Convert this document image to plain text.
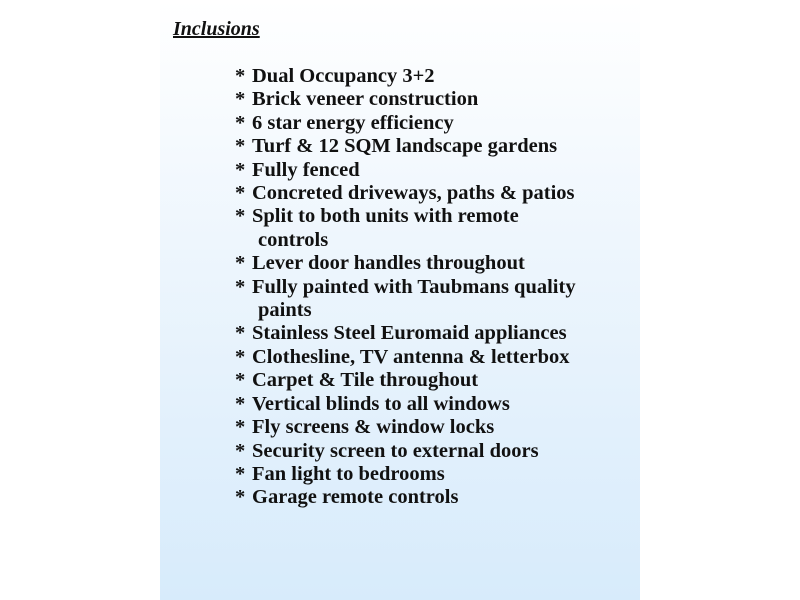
Inclusions
* Dual Occupancy 3+2
* Brick veneer construction
* 6 star energy efficiency
* Turf & 12 SQM landscape gardens
* Fully fenced
* Concreted driveways, paths & patios
* Split to both units with remote
controls
* Lever door handles throughout
* Fully painted with Taubmans quality
paints
* Stainless Steel Euromaid appliances
* Clothesline, TV antenna & letterbox
* Carpet & Tile throughout
* Vertical blinds to all windows
* Fly screens & window locks
* Security screen to external doors
* Fan light to bedrooms
* Garage remote controls
